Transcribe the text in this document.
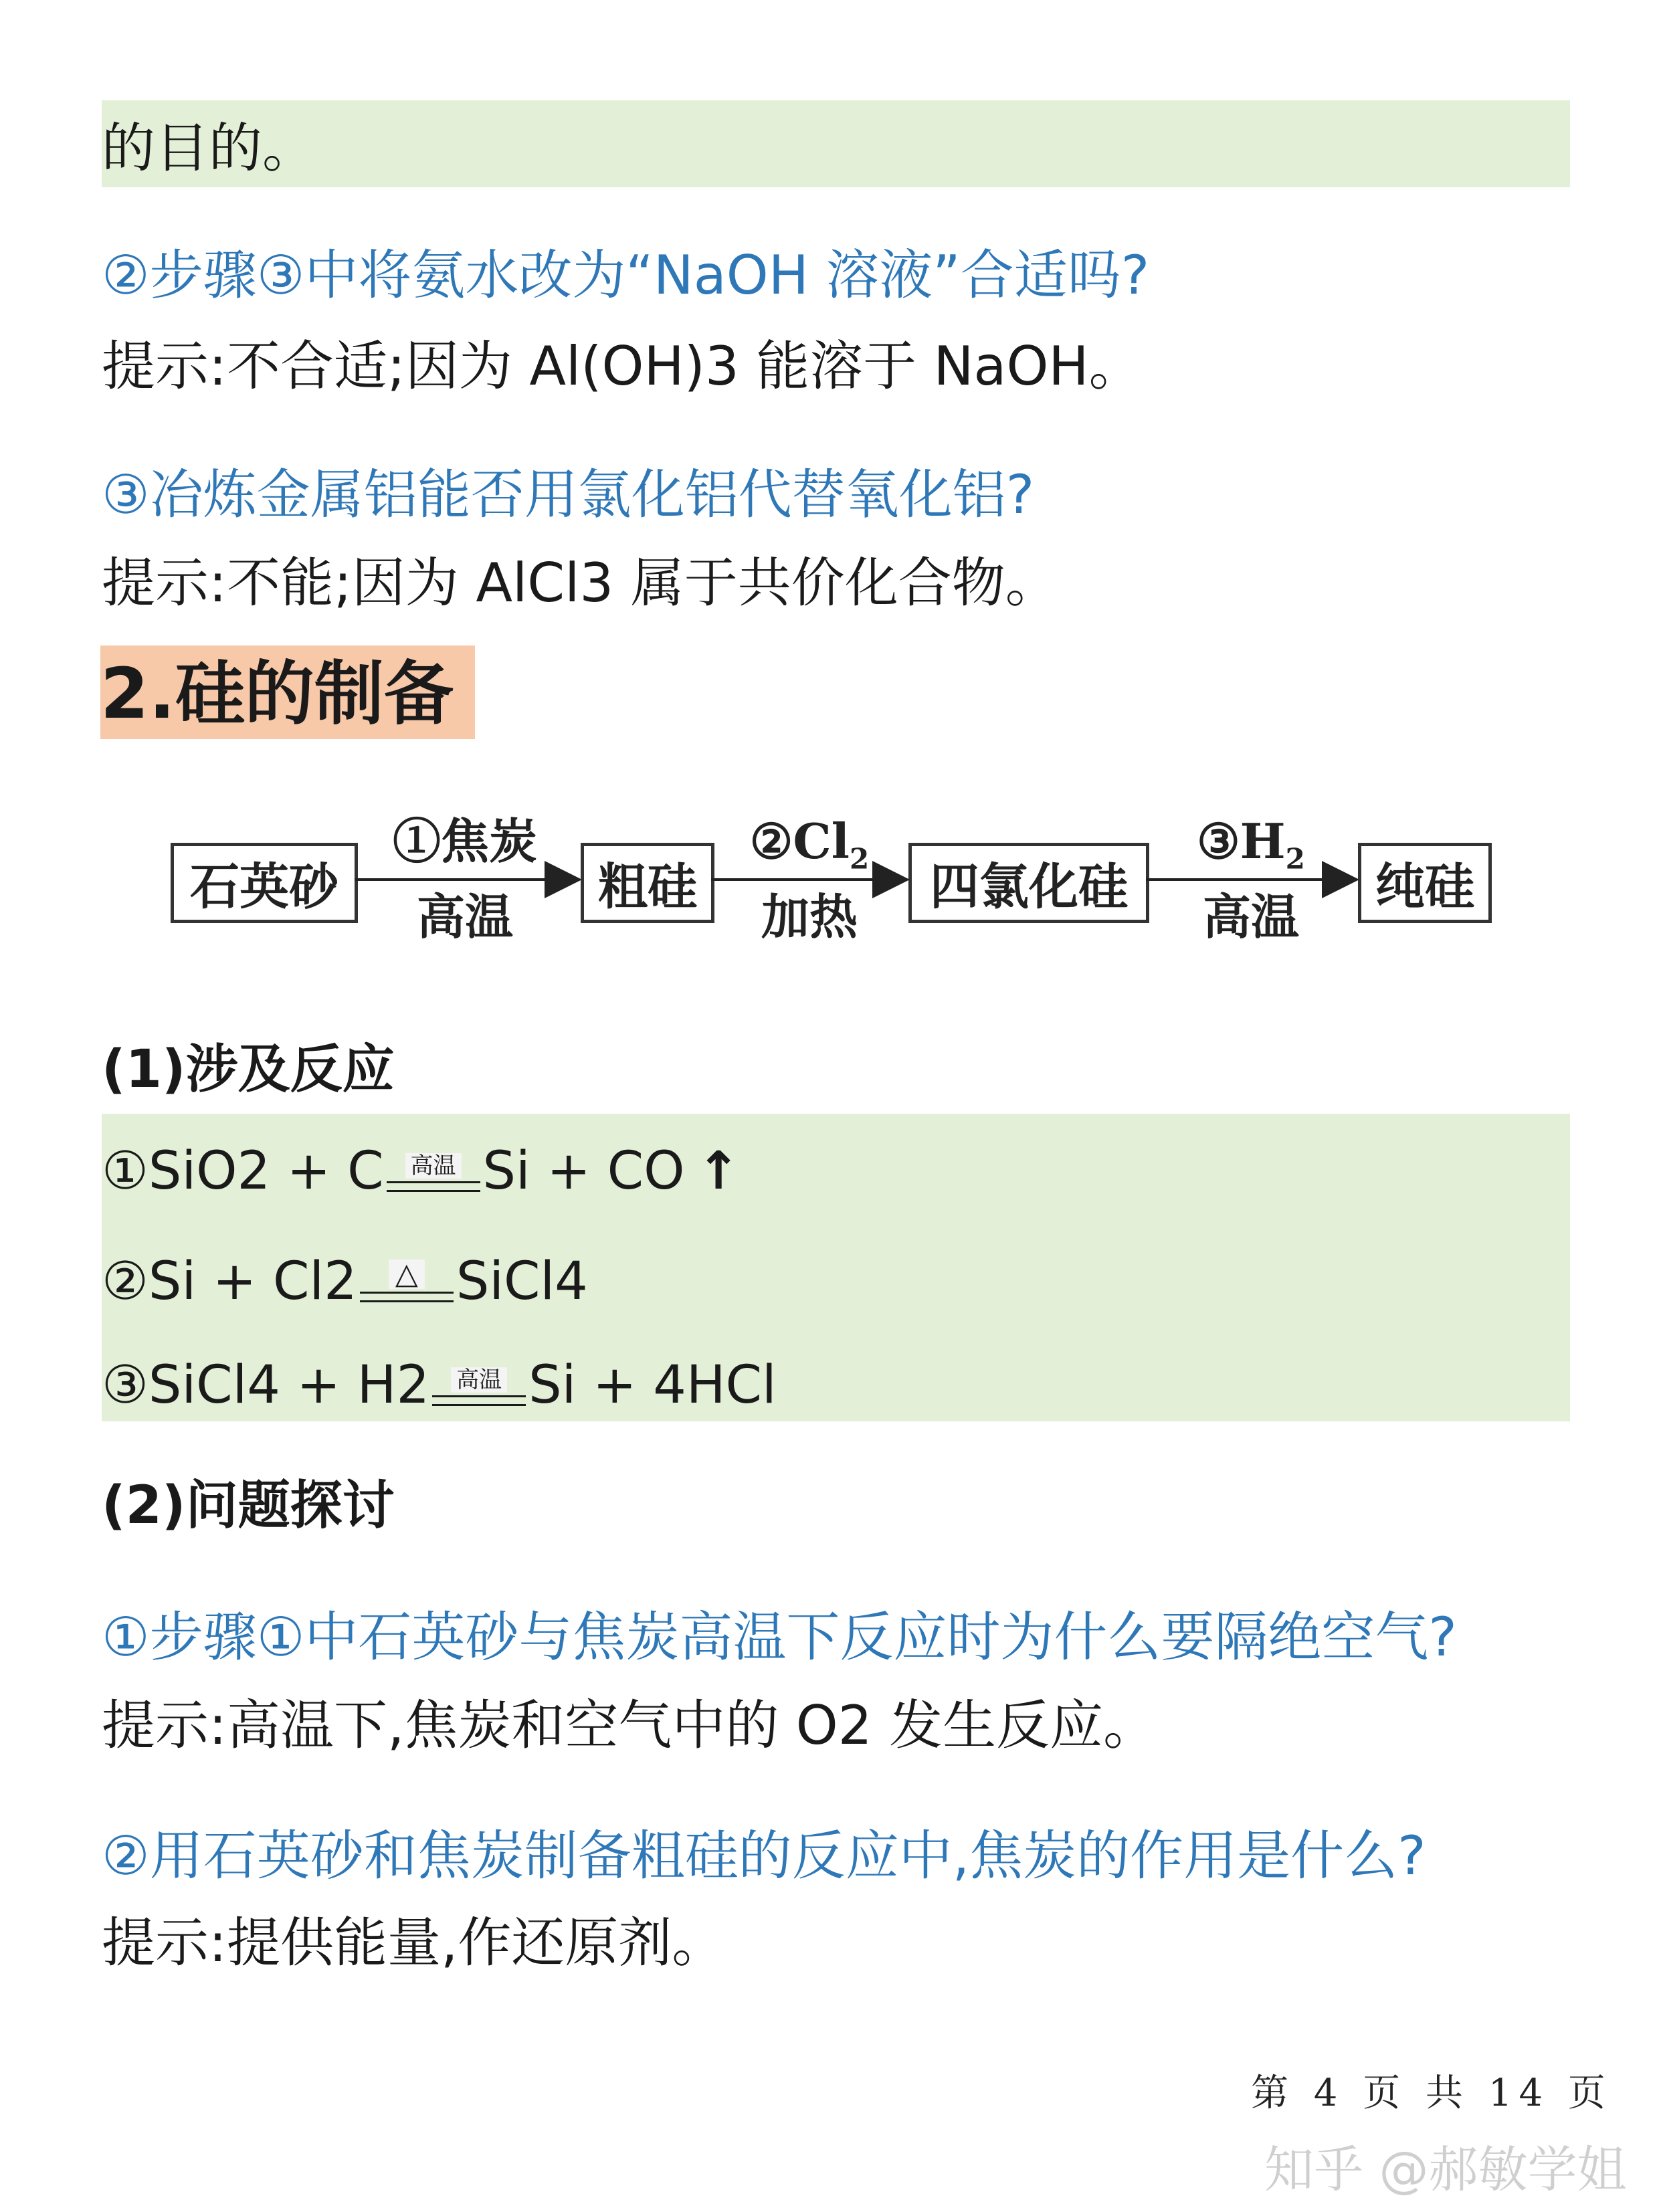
的目的。
②步骤③中将氨水改为“NaOH 溶液”合适吗?
提示:不合适;因为 Al(OH)3 能溶于 NaOH。
③冶炼金属铝能否用氯化铝代替氧化铝?
提示:不能;因为 AlCl3 属于共价化合物。
2.硅的制备
石英砂	粗硅	四氯化硅	纯硅
①焦炭
高温
$②Cl_2$
加热
$③H_2$
高温
(1)涉及反应
①SiO2 + C 高温 Si + CO ↑
②Si + Cl2 △ SiCl4
③SiCl4 + H2 高温 Si + 4HCl
(2)问题探讨
①步骤①中石英砂与焦炭高温下反应时为什么要隔绝空气?
提示:高温下,焦炭和空气中的 O2 发生反应。
②用石英砂和焦炭制备粗硅的反应中,焦炭的作用是什么?
提示:提供能量,作还原剂。
第 4 页 共 14 页
知乎 @郝敏学姐
